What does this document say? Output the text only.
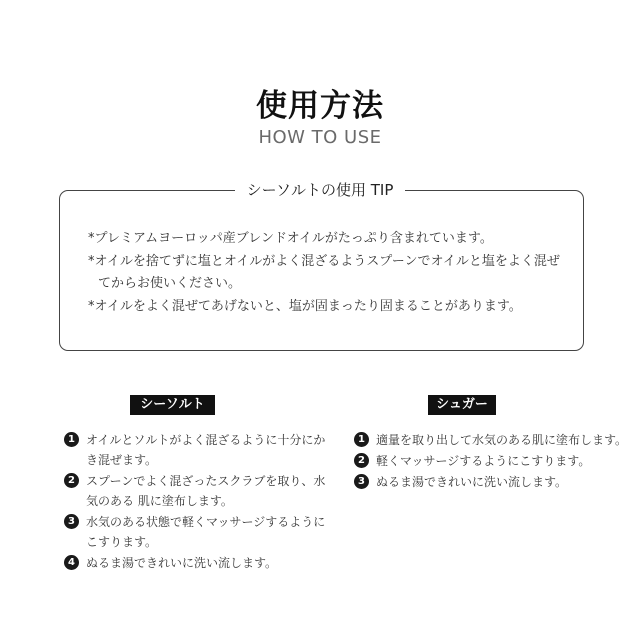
使用方法
HOW TO USE
シーソルトの使用 TIP
*プレミアムヨーロッパ産ブレンドオイルがたっぷり含まれています。
*オイルを捨てずに塩とオイルがよく混ざるようスプーンでオイルと塩をよく混ぜてからお使いください。
*オイルをよく混ぜてあげないと、塩が固まったり固まることがあります。
シーソルト	シュガー
1 オイルとソルトがよく混ざるように十分にかき混ぜます。
2 スプーンでよく混ざったスクラブを取り、水気のある 肌に塗布します。
3 水気のある状態で軽くマッサージするようにこすります。
4 ぬるま湯できれいに洗い流します。
1 適量を取り出して水気のある肌に塗布します。
2 軽くマッサージするようにこすります。
3 ぬるま湯できれいに洗い流します。
